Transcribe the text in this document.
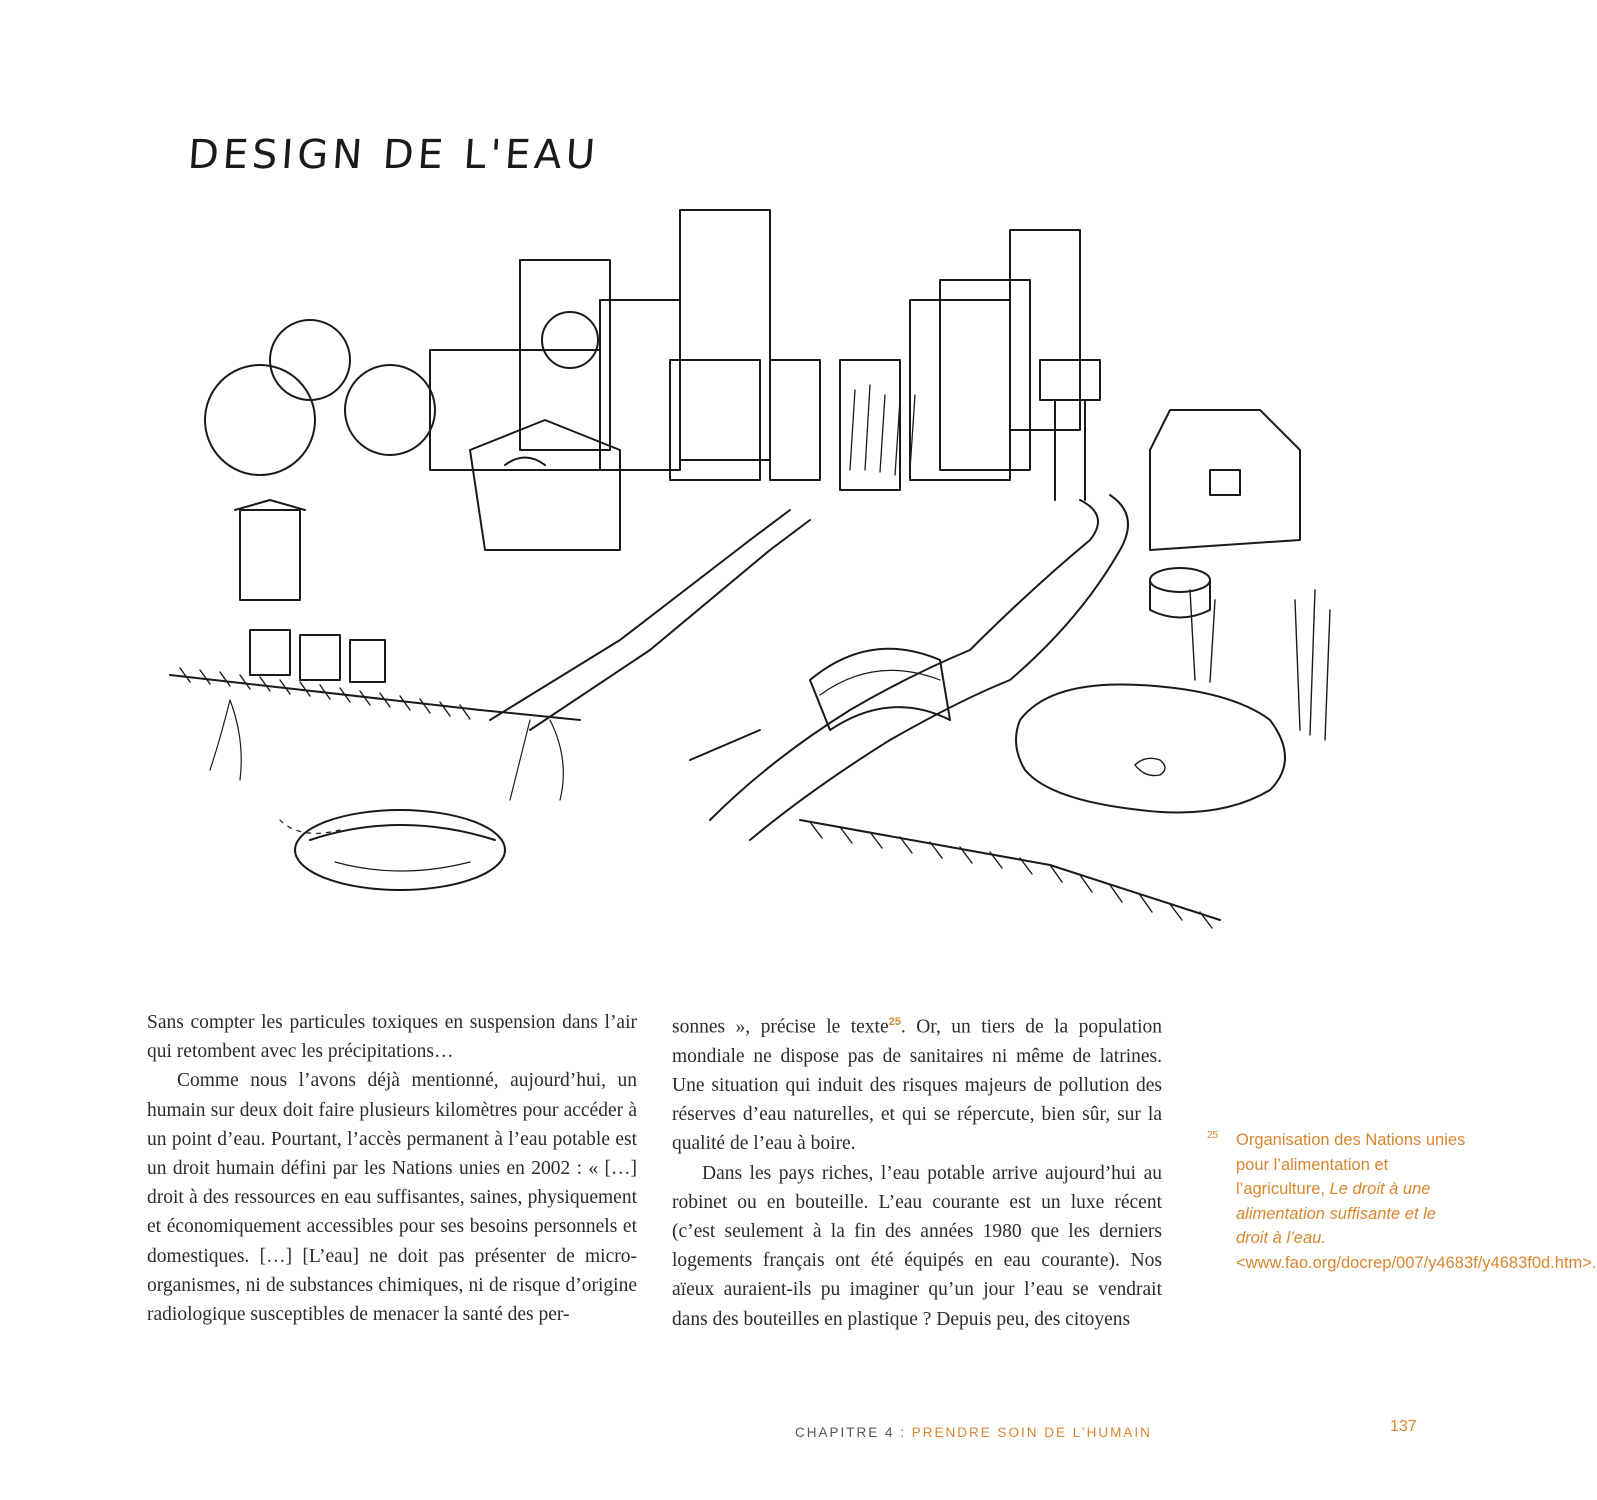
DESIGN DE L'EAU

Sans compter les particules toxiques en suspension dans l’air qui retombent avec les précipitations…

Comme nous l’avons déjà mentionné, aujourd’hui, un humain sur deux doit faire plusieurs kilomètres pour accéder à un point d’eau. Pourtant, l’accès permanent à l’eau potable est un droit humain défini par les Nations unies en 2002 : « […] droit à des ressources en eau suffisantes, saines, physiquement et économiquement accessibles pour ses besoins personnels et domestiques. […] [L’eau] ne doit pas présenter de micro-organismes, ni de substances chimiques, ni de risque d’origine radiologique susceptibles de menacer la santé des per-

sonnes », précise le texte$^{25}$. Or, un tiers de la population mondiale ne dispose pas de sanitaires ni même de latrines. Une situation qui induit des risques majeurs de pollution des réserves d’eau naturelles, et qui se répercute, bien sûr, sur la qualité de l’eau à boire.

Dans les pays riches, l’eau potable arrive aujourd’hui au robinet ou en bouteille. L’eau courante est un luxe récent (c’est seulement à la fin des années 1980 que les derniers logements français ont été équipés en eau courante). Nos aïeux auraient-ils pu imaginer qu’un jour l’eau se vendrait dans des bouteilles en plastique ? Depuis peu, des citoyens

25 Organisation des Nations unies pour l’alimentation et l’agriculture, Le droit à une alimentation suffisante et le droit à l’eau. <www.fao.org/docrep/007/y4683f/y4683f0d.htm>.
CHAPITRE 4 : PRENDRE SOIN DE L’HUMAIN	137
